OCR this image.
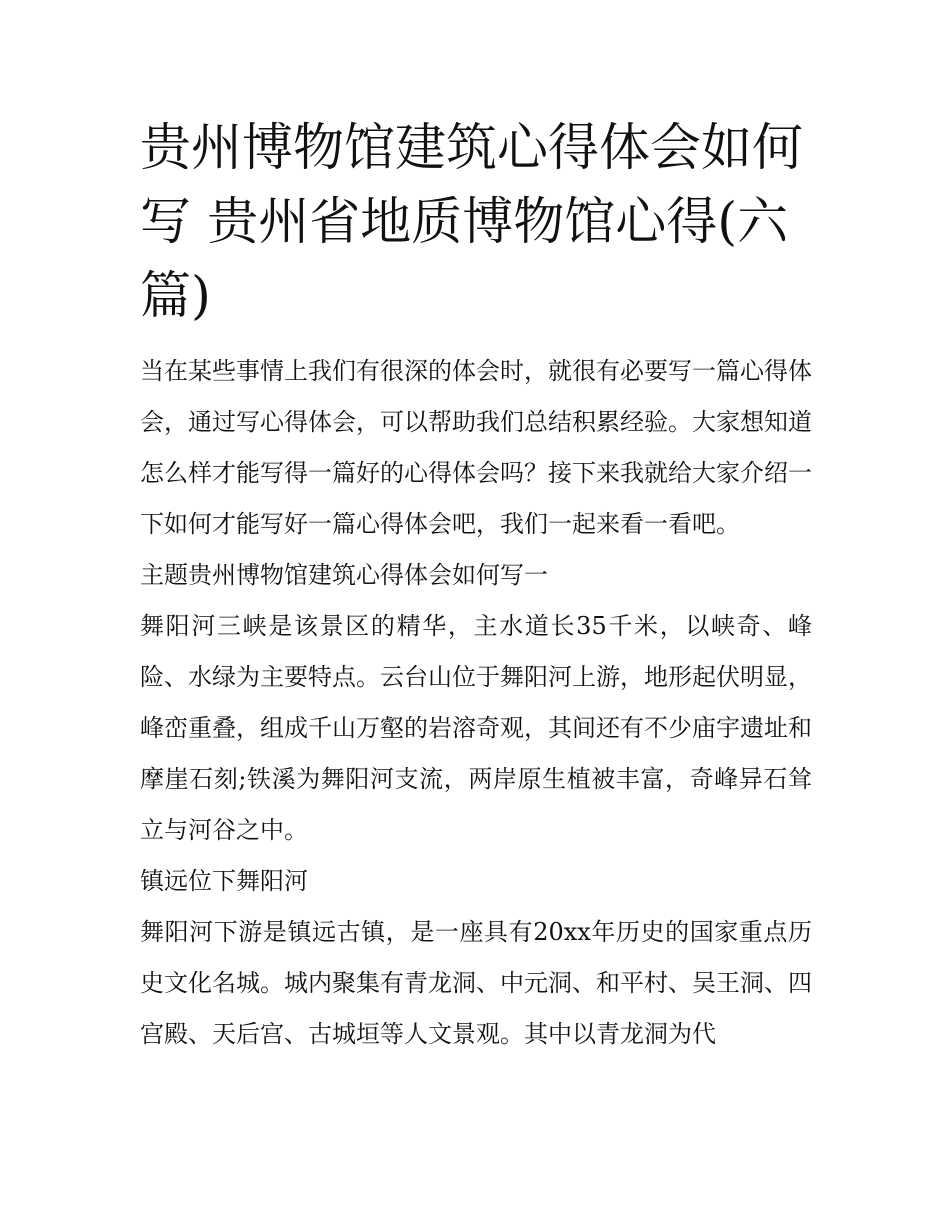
贵州博物馆建筑心得体会如何写 贵州省地质博物馆心得(六篇)

当在某些事情上我们有很深的体会时，就很有必要写一篇心得体会，通过写心得体会，可以帮助我们总结积累经验。大家想知道怎么样才能写得一篇好的心得体会吗？接下来我就给大家介绍一下如何才能写好一篇心得体会吧，我们一起来看一看吧。

主题贵州博物馆建筑心得体会如何写一

舞阳河三峡是该景区的精华，主水道长35千米，以峡奇、峰险、水绿为主要特点。云台山位于舞阳河上游，地形起伏明显，峰峦重叠，组成千山万壑的岩溶奇观，其间还有不少庙宇遗址和摩崖石刻;铁溪为舞阳河支流，两岸原生植被丰富，奇峰异石耸立与河谷之中。

镇远位下舞阳河

舞阳河下游是镇远古镇，是一座具有20xx年历史的国家重点历史文化名城。城内聚集有青龙洞、中元洞、和平村、吴王洞、四宫殿、天后宫、古城垣等人文景观。其中以青龙洞为代
